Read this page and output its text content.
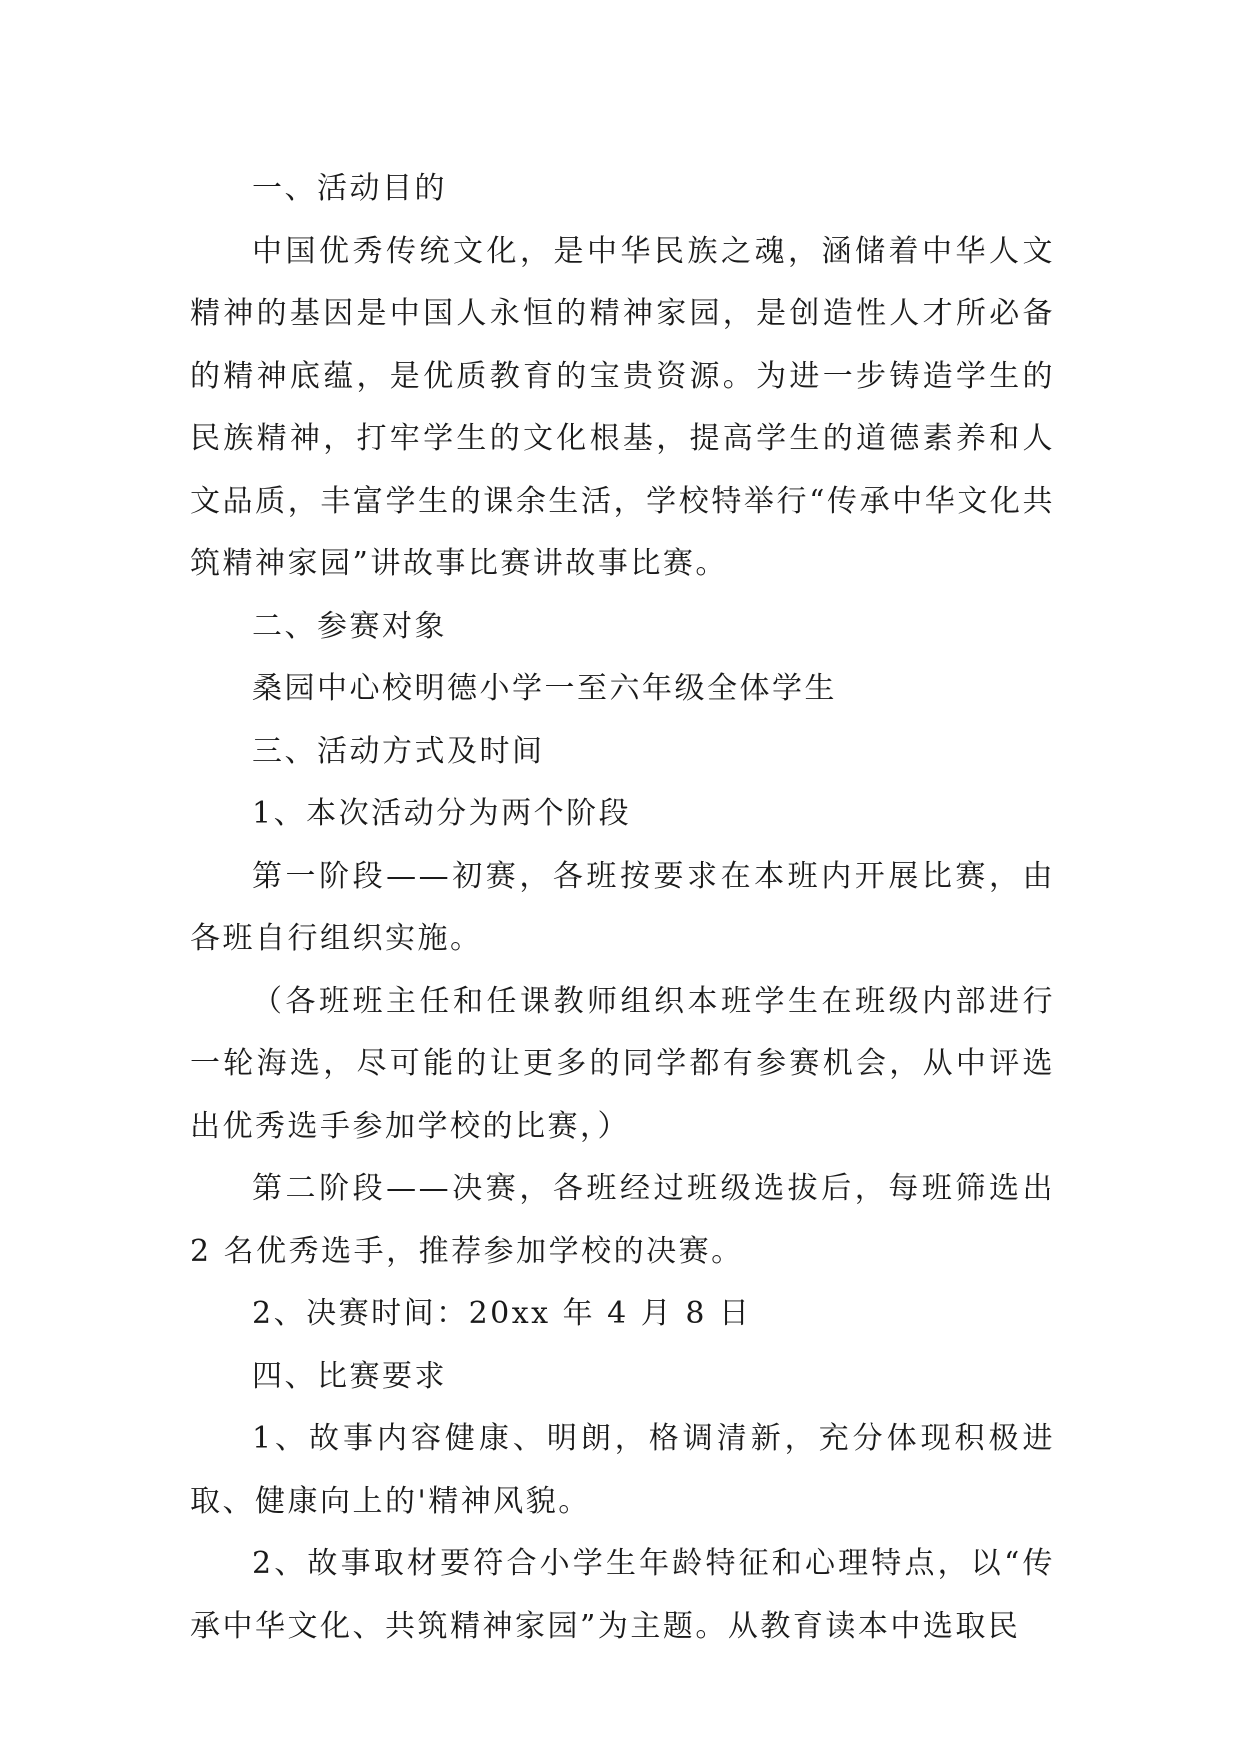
一、活动目的

中国优秀传统文化，是中华民族之魂，涵储着中华人文精神的基因是中国人永恒的精神家园，是创造性人才所必备的精神底蕴，是优质教育的宝贵资源。为进一步铸造学生的民族精神，打牢学生的文化根基，提高学生的道德素养和人文品质，丰富学生的课余生活，学校特举行“传承中华文化共筑精神家园”讲故事比赛讲故事比赛。

二、参赛对象

桑园中心校明德小学一至六年级全体学生

三、活动方式及时间

1、本次活动分为两个阶段

第一阶段——初赛，各班按要求在本班内开展比赛，由各班自行组织实施。

（各班班主任和任课教师组织本班学生在班级内部进行一轮海选，尽可能的让更多的同学都有参赛机会，从中评选出优秀选手参加学校的比赛，）

第二阶段——决赛，各班经过班级选拔后，每班筛选出 2 名优秀选手，推荐参加学校的决赛。

2、决赛时间：20xx 年 4 月 8 日

四、比赛要求

1、故事内容健康、明朗，格调清新，充分体现积极进取、健康向上的'精神风貌。

2、故事取材要符合小学生年龄特征和心理特点，以“传承中华文化、共筑精神家园”为主题。从教育读本中选取民
